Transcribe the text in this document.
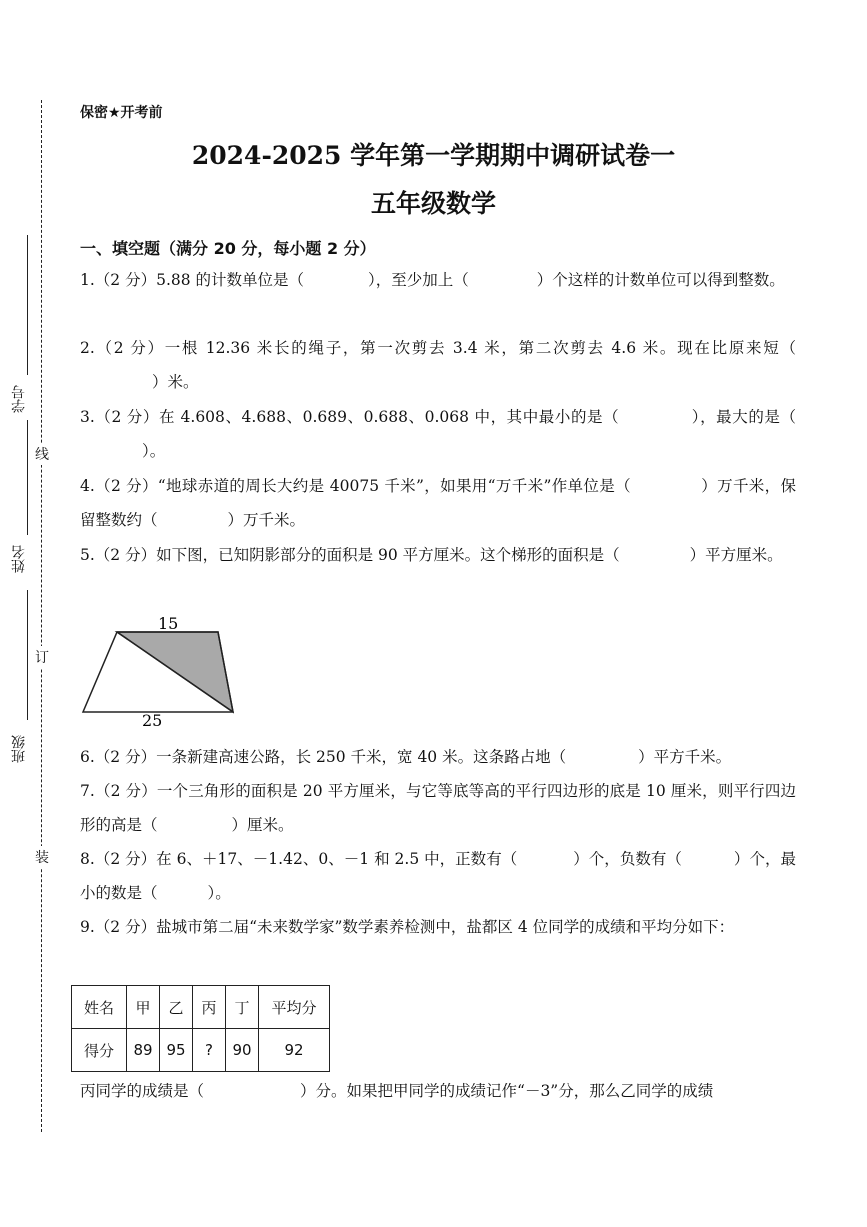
线
订
装
学号
姓名
班级
保密★开考前
2024-2025 学年第一学期期中调研试卷一
五年级数学
一、填空题（满分 20 分，每小题 2 分）
1.（2 分）5.88 的计数单位是（	），至少加上（	）个这样的计数单位可以得到整数。
2.（2 分）一根 12.36 米长的绳子，第一次剪去 3.4 米，第二次剪去 4.6 米。现在比原来短（）米。
3.（2 分）在 4.608、4.688、0.689、0.688、0.068 中，其中最小的是（	），最大的是（）。
4.（2 分）“地球赤道的周长大约是 40075 千米”，如果用“万千米”作单位是（	）万千米，保留整数约（	）万千米。
5.（2 分）如下图，已知阴影部分的面积是 90 平方厘米。这个梯形的面积是（	）平方厘米。
15
25
6.（2 分）一条新建高速公路，长 250 千米，宽 40 米。这条路占地（	）平方千米。
7.（2 分）一个三角形的面积是 20 平方厘米，与它等底等高的平行四边形的底是 10 厘米，则平行四边形的高是（	）厘米。
8.（2 分）在 6、＋17、－1.42、0、－1 和 2.5 中，正数有（	）个，负数有（	）个，最小的数是（	）。
9.（2 分）盐城市第二届“未来数学家”数学素养检测中，盐都区 4 位同学的成绩和平均分如下：
姓名	甲	乙	丙	丁	平均分
得分	89	95	?	90	92
丙同学的成绩是（	）分。如果把甲同学的成绩记作“－3”分，那么乙同学的成绩
